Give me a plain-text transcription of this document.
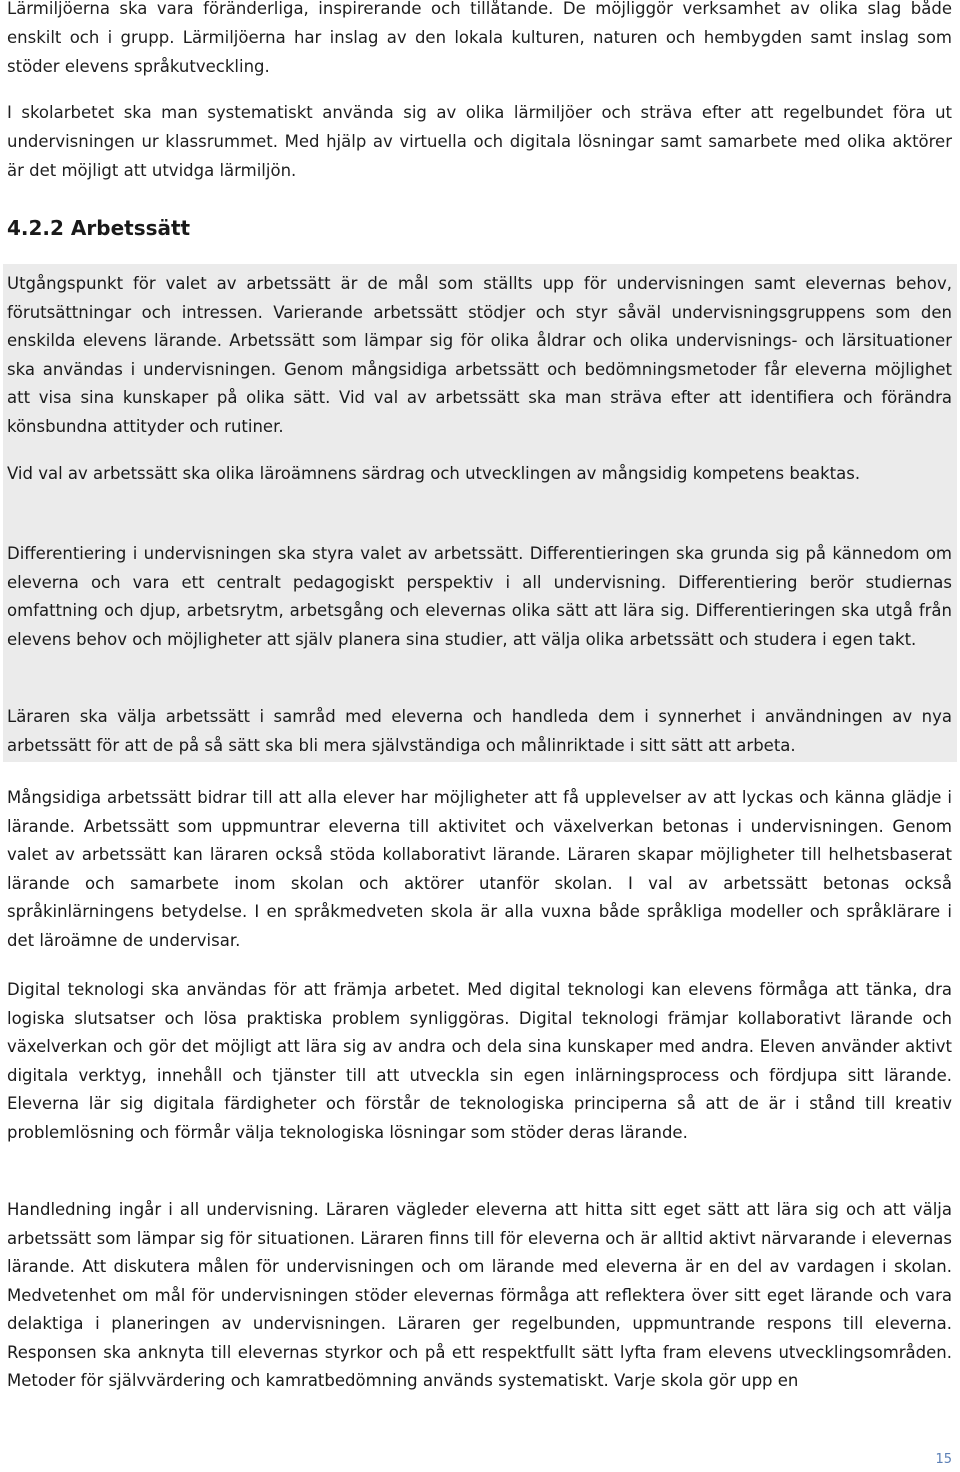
Lärmiljöerna ska vara föränderliga, inspirerande och tillåtande. De möjliggör verksamhet av olika slag både enskilt och i grupp. Lärmiljöerna har inslag av den lokala kulturen, naturen och hembygden samt inslag som stöder elevens språkutveckling.

I skolarbetet ska man systematiskt använda sig av olika lärmiljöer och sträva efter att regelbundet föra ut undervisningen ur klassrummet. Med hjälp av virtuella och digitala lösningar samt samarbete med olika aktörer är det möjligt att utvidga lärmiljön.

4.2.2 Arbetssätt

Utgångspunkt för valet av arbetssätt är de mål som ställts upp för undervisningen samt elevernas behov, förutsättningar och intressen. Varierande arbetssätt stödjer och styr såväl undervisningsgruppens som den enskilda elevens lärande. Arbetssätt som lämpar sig för olika åldrar och olika undervisnings- och lärsituationer ska användas i undervisningen. Genom mångsidiga arbetssätt och bedömningsmetoder får eleverna möjlighet att visa sina kunskaper på olika sätt. Vid val av arbetssätt ska man sträva efter att identifiera och förändra könsbundna attityder och rutiner.

Vid val av arbetssätt ska olika läroämnens särdrag och utvecklingen av mångsidig kompetens beaktas.

Differentiering i undervisningen ska styra valet av arbetssätt. Differentieringen ska grunda sig på kännedom om eleverna och vara ett centralt pedagogiskt perspektiv i all undervisning. Differentiering berör studiernas omfattning och djup, arbetsrytm, arbetsgång och elevernas olika sätt att lära sig. Differentieringen ska utgå från elevens behov och möjligheter att själv planera sina studier, att välja olika arbetssätt och studera i egen takt.

Läraren ska välja arbetssätt i samråd med eleverna och handleda dem i synnerhet i användningen av nya arbetssätt för att de på så sätt ska bli mera självständiga och målinriktade i sitt sätt att arbeta.

Mångsidiga arbetssätt bidrar till att alla elever har möjligheter att få upplevelser av att lyckas och känna glädje i lärande. Arbetssätt som uppmuntrar eleverna till aktivitet och växelverkan betonas i undervisningen. Genom valet av arbetssätt kan läraren också stöda kollaborativt lärande. Läraren skapar möjligheter till helhetsbaserat lärande och samarbete inom skolan och aktörer utanför skolan. I val av arbetssätt betonas också språkinlärningens betydelse. I en språkmedveten skola är alla vuxna både språkliga modeller och språklärare i det läroämne de undervisar.

Digital teknologi ska användas för att främja arbetet. Med digital teknologi kan elevens förmåga att tänka, dra logiska slutsatser och lösa praktiska problem synliggöras. Digital teknologi främjar kollaborativt lärande och växelverkan och gör det möjligt att lära sig av andra och dela sina kunskaper med andra. Eleven använder aktivt digitala verktyg, innehåll och tjänster till att utveckla sin egen inlärningsprocess och fördjupa sitt lärande. Eleverna lär sig digitala färdigheter och förstår de teknologiska principerna så att de är i stånd till kreativ problemlösning och förmår välja teknologiska lösningar som stöder deras lärande.

Handledning ingår i all undervisning. Läraren vägleder eleverna att hitta sitt eget sätt att lära sig och att välja arbetssätt som lämpar sig för situationen. Läraren finns till för eleverna och är alltid aktivt närvarande i elevernas lärande. Att diskutera målen för undervisningen och om lärande med eleverna är en del av vardagen i skolan. Medvetenhet om mål för undervisningen stöder elevernas förmåga att reflektera över sitt eget lärande och vara delaktiga i planeringen av undervisningen. Läraren ger regelbunden, uppmuntrande respons till eleverna. Responsen ska anknyta till elevernas styrkor och på ett respektfullt sätt lyfta fram elevens utvecklingsområden. Metoder för självvärdering och kamratbedömning används systematiskt. Varje skola gör upp en

15
